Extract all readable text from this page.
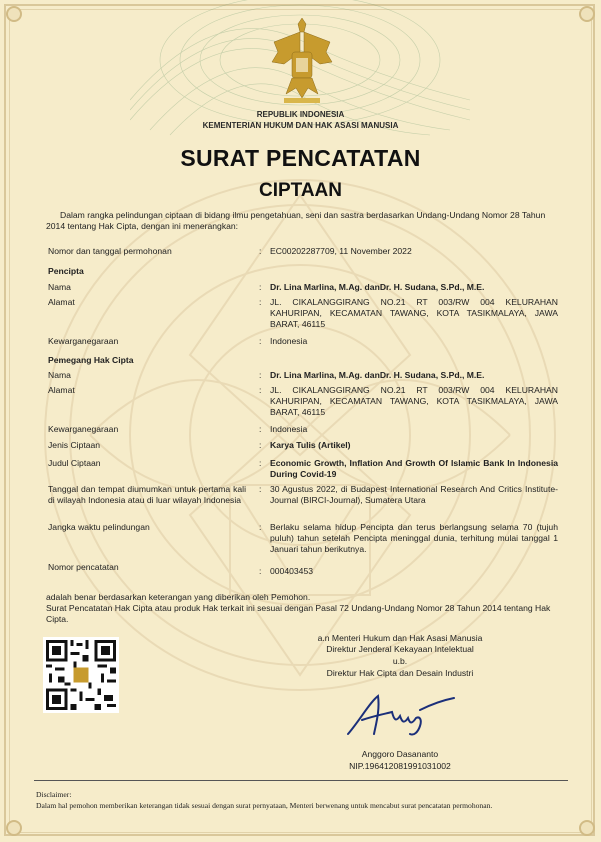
REPUBLIK INDONESIA
KEMENTERIAN HUKUM DAN HAK ASASI MANUSIA
SURAT PENCATATAN
CIPTAAN
Dalam rangka pelindungan ciptaan di bidang ilmu pengetahuan, seni dan sastra berdasarkan Undang-Undang Nomor 28 Tahun 2014 tentang Hak Cipta, dengan ini menerangkan:
Nomor dan tanggal permohonan	: EC00202287709, 11 November 2022
Pencipta
Nama	: Dr. Lina Marlina, M.Ag. danDr. H. Sudana, S.Pd., M.E.
Alamat	: JL. CIKALANGGIRANG NO.21 RT 003/RW 004 KELURAHAN KAHURIPAN, KECAMATAN TAWANG, KOTA TASIKMALAYA, JAWA BARAT, 46115
Kewarganegaraan	: Indonesia
Pemegang Hak Cipta
Nama	: Dr. Lina Marlina, M.Ag. danDr. H. Sudana, S.Pd., M.E.
Alamat	: JL. CIKALANGGIRANG NO.21 RT 003/RW 004 KELURAHAN KAHURIPAN, KECAMATAN TAWANG, KOTA TASIKMALAYA, JAWA BARAT, 46115
Kewarganegaraan	: Indonesia
Jenis Ciptaan	: Karya Tulis (Artikel)
Judul Ciptaan	: Economic Growth, Inflation And Growth Of Islamic Bank In Indonesia During Covid-19
Tanggal dan tempat diumumkan untuk pertama kali di wilayah Indonesia atau di luar wilayah Indonesia
: 30 Agustus 2022, di Budapest International Research And Critics Institute-Journal (BIRCI-Journal), Sumatera Utara
Jangka waktu pelindungan	: Berlaku selama hidup Pencipta dan terus berlangsung selama 70 (tujuh puluh) tahun setelah Pencipta meninggal dunia, terhitung mulai tanggal 1 Januari tahun berikutnya.
Nomor pencatatan	: 000403453
adalah benar berdasarkan keterangan yang diberikan oleh Pemohon.
Surat Pencatatan Hak Cipta atau produk Hak terkait ini sesuai dengan Pasal 72 Undang-Undang Nomor 28 Tahun 2014 tentang Hak Cipta.
a.n Menteri Hukum dan Hak Asasi Manusia
Direktur Jenderal Kekayaan Intelektual
u.b.
Direktur Hak Cipta dan Desain Industri
Anggoro Dasananto
NIP.196412081991031002
Disclaimer:
Dalam hal pemohon memberikan keterangan tidak sesuai dengan surat pernyataan, Menteri berwenang untuk mencabut surat pencatatan permohonan.
